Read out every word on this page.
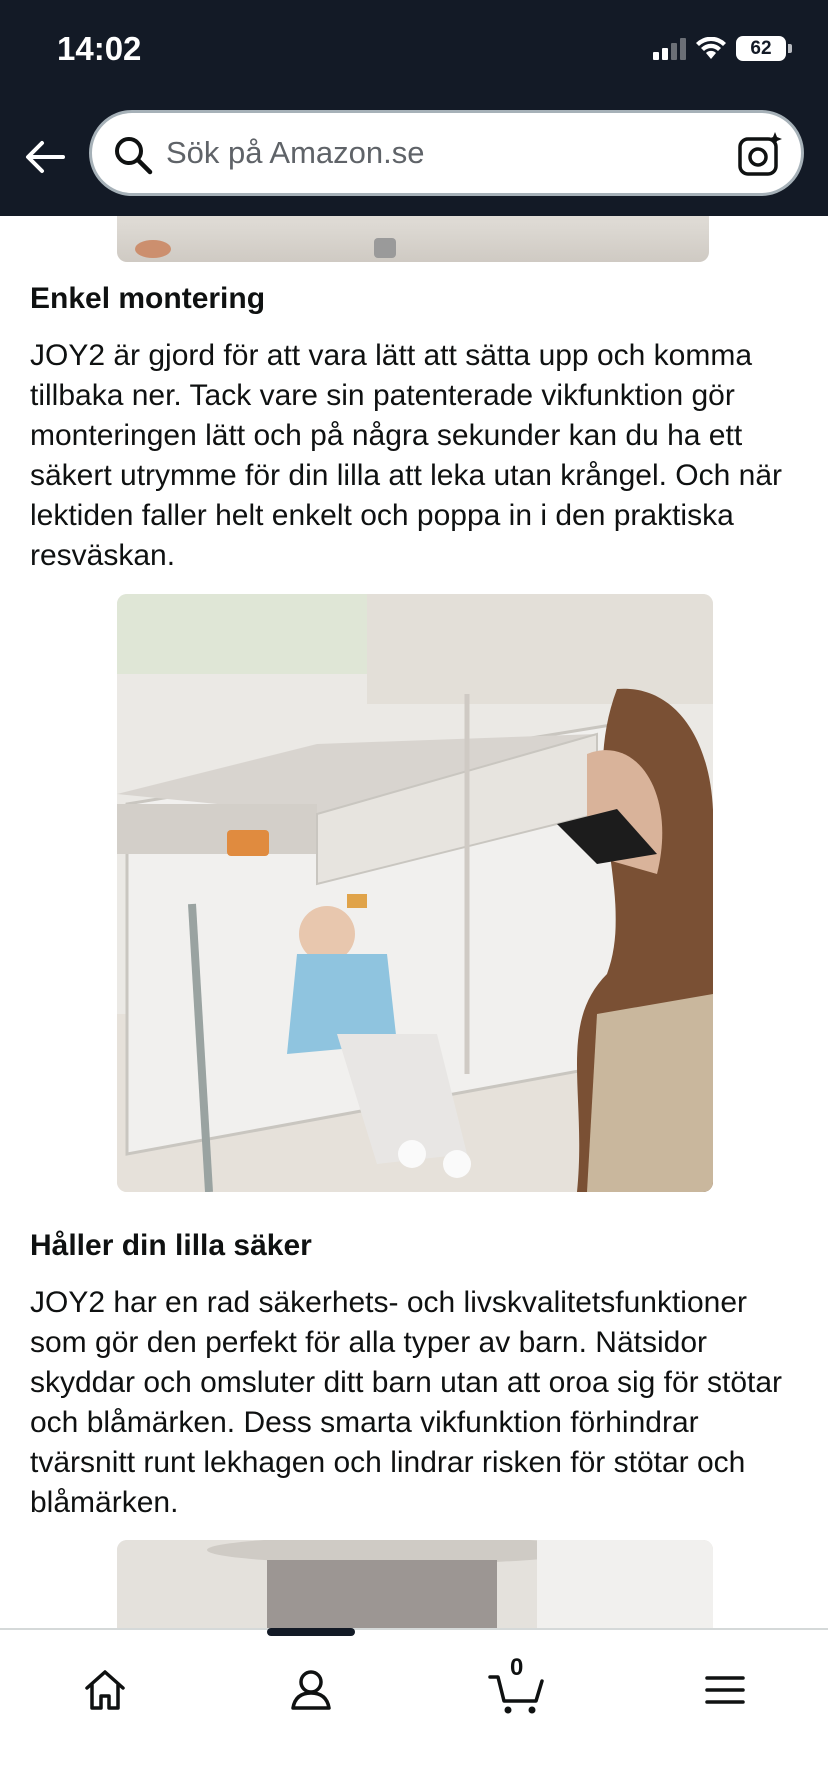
14:02	62
Sök på Amazon.se
Enkel montering
JOY2 är gjord för att vara lätt att sätta upp och komma tillbaka ner. Tack vare sin patenterade vikfunktion gör monteringen lätt och på några sekunder kan du ha ett säkert utrymme för din lilla att leka utan krångel. Och när lektiden faller helt enkelt och poppa in i den praktiska resväskan.
Håller din lilla säker
JOY2 har en rad säkerhets- och livskvalitetsfunktioner som gör den perfekt för alla typer av barn. Nätsidor skyddar och omsluter ditt barn utan att oroa sig för stötar och blåmärken. Dess smarta vikfunktion förhindrar tvärsnitt runt lekhagen och lindrar risken för stötar och blåmärken.
0
